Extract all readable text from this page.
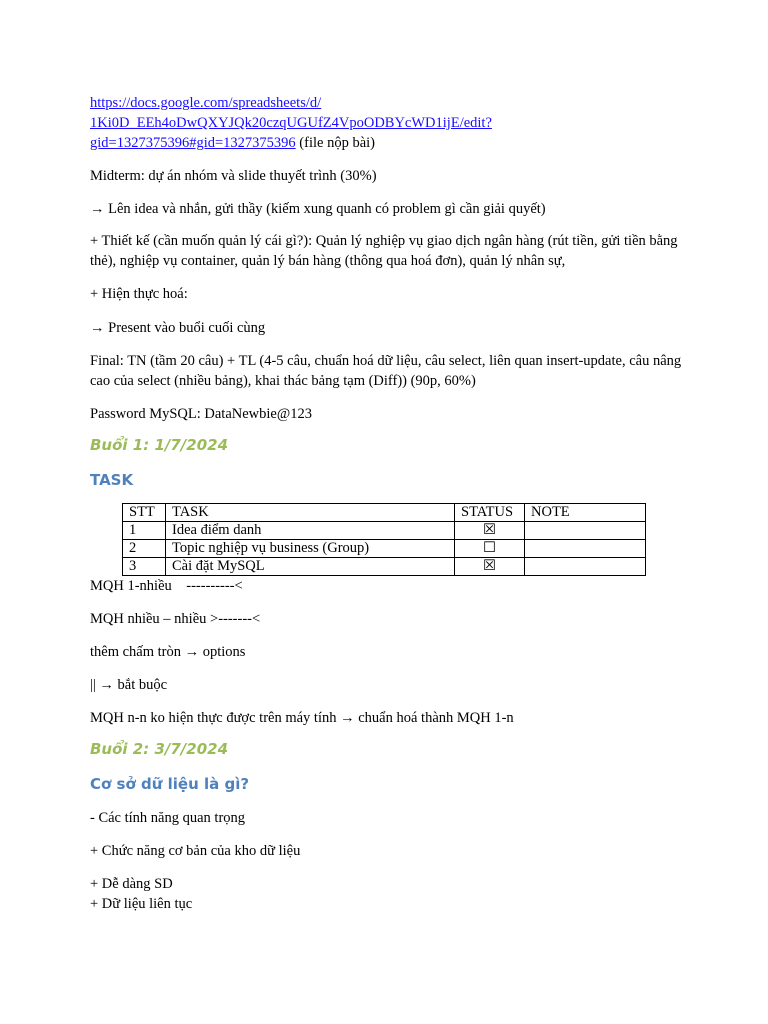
https://docs.google.com/spreadsheets/d/
1Ki0D_EEh4oDwQXYJQk20czqUGUfZ4VpoODBYcWD1ijE/edit?
gid=1327375396#gid=1327375396 (file nộp bài)

Midterm: dự án nhóm và slide thuyết trình (30%)

→ Lên idea và nhắn, gửi thầy (kiếm xung quanh có problem gì cần giải quyết)

+ Thiết kế (cần muốn quản lý cái gì?): Quản lý nghiệp vụ giao dịch ngân hàng (rút tiền, gửi tiền bằng thẻ), nghiệp vụ container, quản lý bán hàng (thông qua hoá đơn), quản lý nhân sự,

+ Hiện thực hoá:

→ Present vào buổi cuối cùng

Final: TN (tầm 20 câu) + TL (4-5 câu, chuẩn hoá dữ liệu, câu select, liên quan insert-update, câu nâng cao của select (nhiều bảng), khai thác bảng tạm (Diff)) (90p, 60%)

Password MySQL: DataNewbie@123

Buổi 1: 1/7/2024
TASK
STT	TASK	STATUS	NOTE
1	Idea điểm danh	☒	
2	Topic nghiệp vụ business (Group)	☐	
3	Cài đặt MySQL	☒	

MQH 1-nhiều    ----------<

MQH nhiều – nhiều >-------<

thêm chấm tròn → options

|| → bắt buộc

MQH n-n ko hiện thực được trên máy tính → chuẩn hoá thành MQH 1-n

Buổi 2: 3/7/2024
Cơ sở dữ liệu là gì?

- Các tính năng quan trọng

+ Chức năng cơ bản của kho dữ liệu

+ Dễ dàng SD

+ Dữ liệu liên tục
